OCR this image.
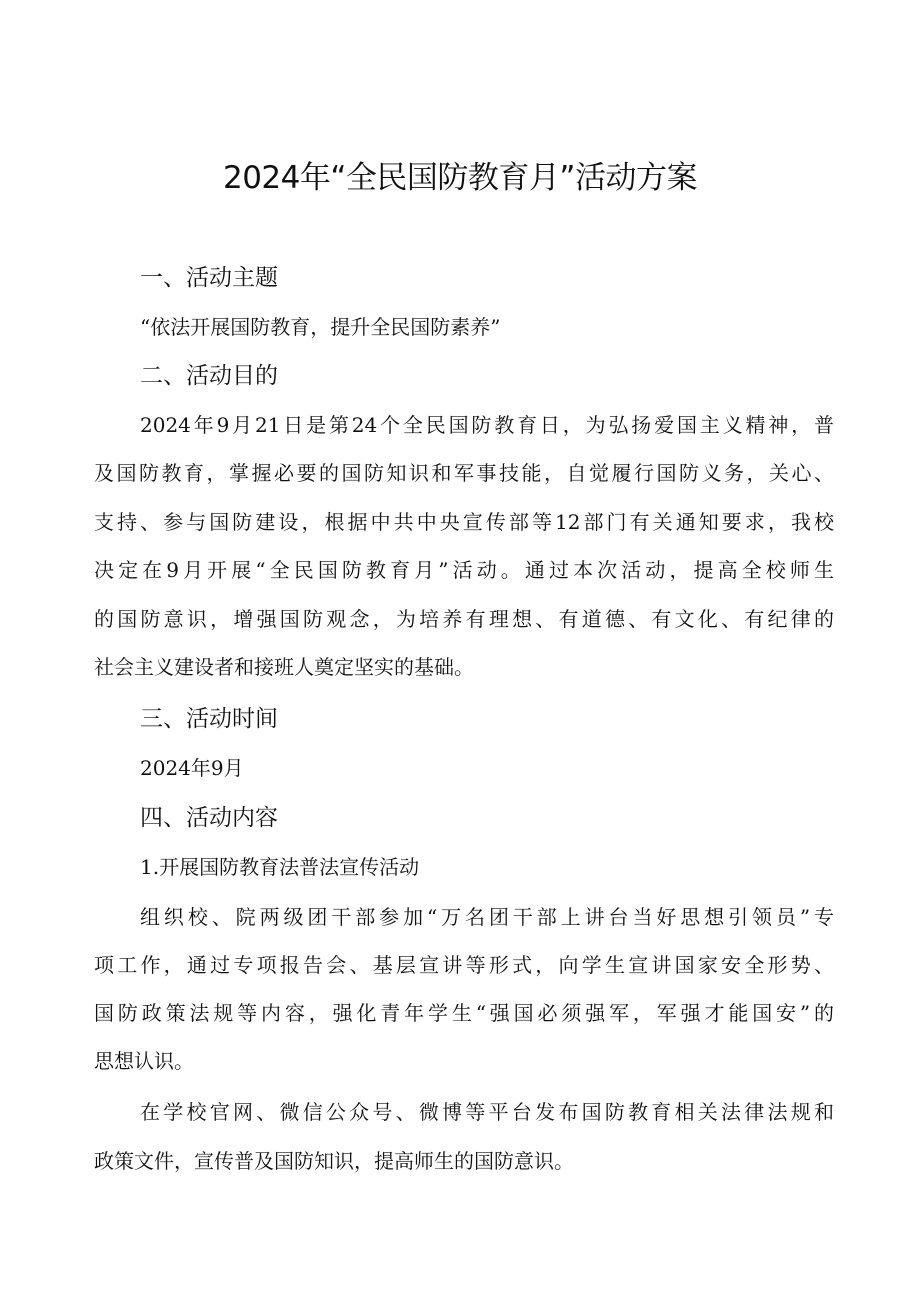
2024年“全民国防教育月”活动方案
一、活动主题
“依法开展国防教育，提升全民国防素养”
二、活动目的
2024年9月21日是第24个全民国防教育日，为弘扬爱国主义精神，普
及国防教育，掌握必要的国防知识和军事技能，自觉履行国防义务，关心、
支持、参与国防建设，根据中共中央宣传部等12部门有关通知要求，我校
决定在9月开展“全民国防教育月”活动。通过本次活动，提高全校师生
的国防意识，增强国防观念，为培养有理想、有道德、有文化、有纪律的
社会主义建设者和接班人奠定坚实的基础。
三、活动时间
2024年9月
四、活动内容
1.开展国防教育法普法宣传活动
组织校、院两级团干部参加“万名团干部上讲台当好思想引领员”专
项工作，通过专项报告会、基层宣讲等形式，向学生宣讲国家安全形势、
国防政策法规等内容，强化青年学生“强国必须强军，军强才能国安”的
思想认识。
在学校官网、微信公众号、微博等平台发布国防教育相关法律法规和
政策文件，宣传普及国防知识，提高师生的国防意识。
